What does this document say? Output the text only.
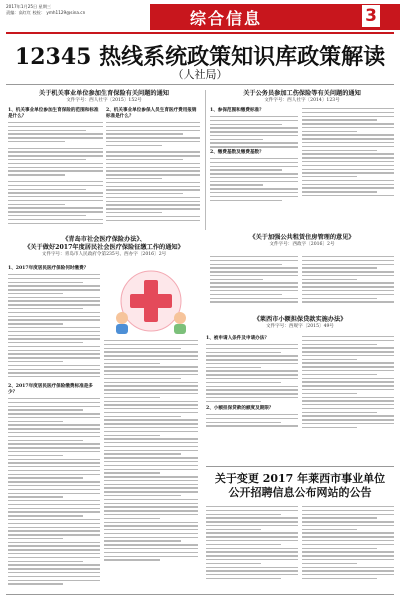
2017年1月25日 星期三
责编：高红红 校检： ymh1129@sina.cn	综合信息	3
12345 热线系统政策知识库政策解读
（人社局）
关于机关事业单位参加生育保险有关问题的通知
文件字号：西人社字〔2015〕152号
1、机关事业单位参加生育保险的范围和标准是什么？
2、机关事业单位参保人员生育医疗费用报销标准是什么？
关于公务员参加工伤保险等有关问题的通知
文件字号：西人社字〔2014〕123号
1、参保范围和缴费标准？
2、缴费基数及缴费基数？
《关于加强公共租赁住房管理的意见》
文件字号：西政字〔2016〕2号
《青岛市社会医疗保险办法》、
《关于做好2017年度居民社会医疗保险征缴工作的通知》
文件字号：青岛市人民政府令第235号、西办字〔2016〕2号
1、2017年度居民医疗保险何时缴费？
2、2017年度居民医疗保险缴费标准是多少？
《莱西市小额担保贷款实施办法》
文件字号：西规字〔2015〕49号
1、被申请人条件及申请办法？
2、小额担保贷款的额度及期限？
关于变更 2017 年莱西市事业单位
公开招聘信息公布网站的公告
